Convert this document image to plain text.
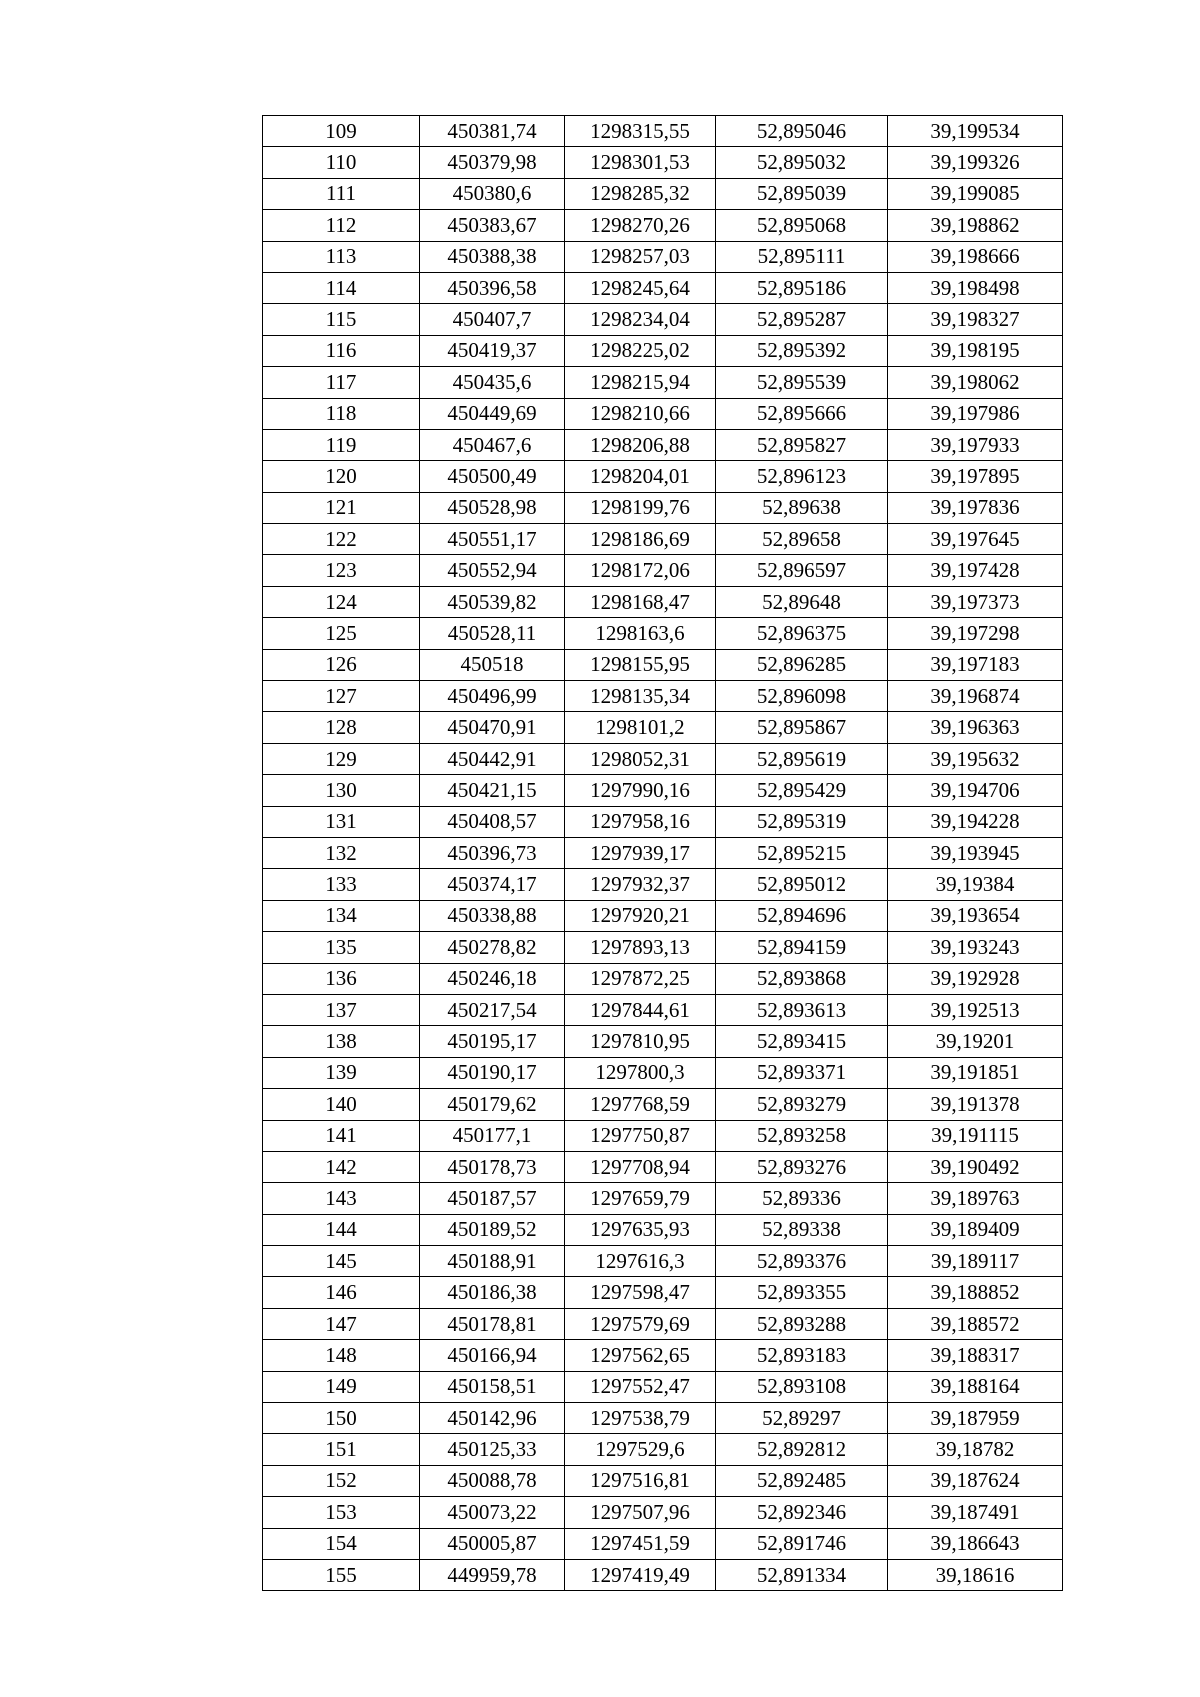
109	450381,74	1298315,55	52,895046	39,199534
110	450379,98	1298301,53	52,895032	39,199326
111	450380,6	1298285,32	52,895039	39,199085
112	450383,67	1298270,26	52,895068	39,198862
113	450388,38	1298257,03	52,895111	39,198666
114	450396,58	1298245,64	52,895186	39,198498
115	450407,7	1298234,04	52,895287	39,198327
116	450419,37	1298225,02	52,895392	39,198195
117	450435,6	1298215,94	52,895539	39,198062
118	450449,69	1298210,66	52,895666	39,197986
119	450467,6	1298206,88	52,895827	39,197933
120	450500,49	1298204,01	52,896123	39,197895
121	450528,98	1298199,76	52,89638	39,197836
122	450551,17	1298186,69	52,89658	39,197645
123	450552,94	1298172,06	52,896597	39,197428
124	450539,82	1298168,47	52,89648	39,197373
125	450528,11	1298163,6	52,896375	39,197298
126	450518	1298155,95	52,896285	39,197183
127	450496,99	1298135,34	52,896098	39,196874
128	450470,91	1298101,2	52,895867	39,196363
129	450442,91	1298052,31	52,895619	39,195632
130	450421,15	1297990,16	52,895429	39,194706
131	450408,57	1297958,16	52,895319	39,194228
132	450396,73	1297939,17	52,895215	39,193945
133	450374,17	1297932,37	52,895012	39,19384
134	450338,88	1297920,21	52,894696	39,193654
135	450278,82	1297893,13	52,894159	39,193243
136	450246,18	1297872,25	52,893868	39,192928
137	450217,54	1297844,61	52,893613	39,192513
138	450195,17	1297810,95	52,893415	39,19201
139	450190,17	1297800,3	52,893371	39,191851
140	450179,62	1297768,59	52,893279	39,191378
141	450177,1	1297750,87	52,893258	39,191115
142	450178,73	1297708,94	52,893276	39,190492
143	450187,57	1297659,79	52,89336	39,189763
144	450189,52	1297635,93	52,89338	39,189409
145	450188,91	1297616,3	52,893376	39,189117
146	450186,38	1297598,47	52,893355	39,188852
147	450178,81	1297579,69	52,893288	39,188572
148	450166,94	1297562,65	52,893183	39,188317
149	450158,51	1297552,47	52,893108	39,188164
150	450142,96	1297538,79	52,89297	39,187959
151	450125,33	1297529,6	52,892812	39,18782
152	450088,78	1297516,81	52,892485	39,187624
153	450073,22	1297507,96	52,892346	39,187491
154	450005,87	1297451,59	52,891746	39,186643
155	449959,78	1297419,49	52,891334	39,18616
